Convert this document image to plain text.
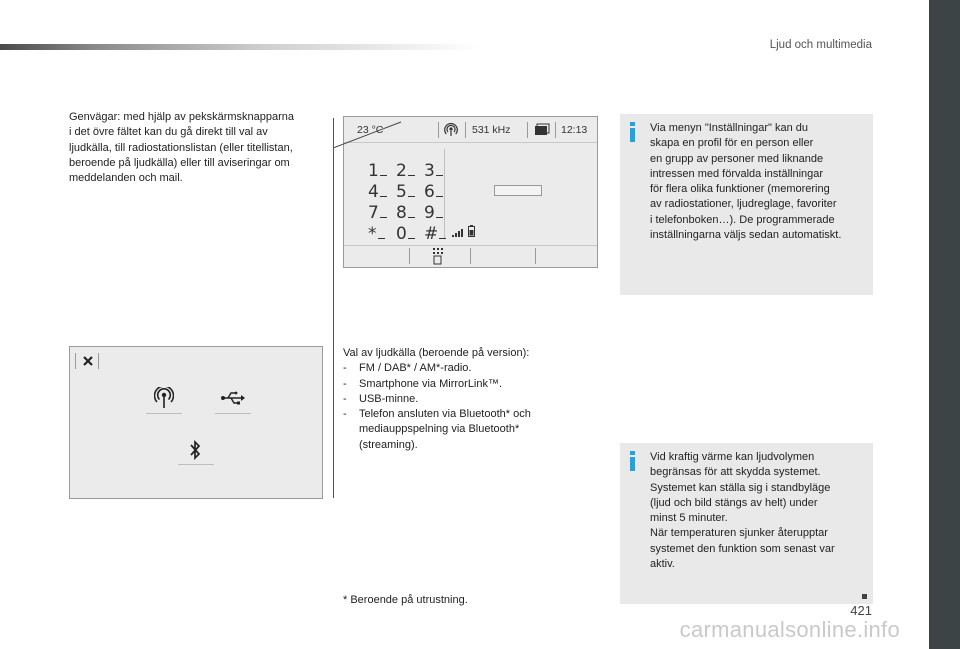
Ljud och multimedia
Genvägar: med hjälp av pekskärmsknapparna
i det övre fältet kan du gå direkt till val av
ljudkälla, till radiostationslistan (eller titellistan,
beroende på ljudkälla) eller till aviseringar om
meddelanden och mail.
23 °C	531 kHz	12:13
1 2 3
4 5 6
7 8 9
* 0 #
Val av ljudkälla (beroende på version):
- FM / DAB* / AM*-radio.
- Smartphone via MirrorLink™.
- USB-minne.
- Telefon ansluten via Bluetooth* och
mediauppspelning via Bluetooth*
(streaming).
Via menyn "Inställningar" kan du
skapa en profil för en person eller
en grupp av personer med liknande
intressen med förvalda inställningar
för flera olika funktioner (memorering
av radiostationer, ljudreglage, favoriter
i telefonboken…). De programmerade
inställningarna väljs sedan automatiskt.
Vid kraftig värme kan ljudvolymen
begränsas för att skydda systemet.
Systemet kan ställa sig i standbyläge
(ljud och bild stängs av helt) under
minst 5 minuter.
När temperaturen sjunker återupptar
systemet den funktion som senast var
aktiv.
* Beroende på utrustning.
421
carmanualsonline.info
